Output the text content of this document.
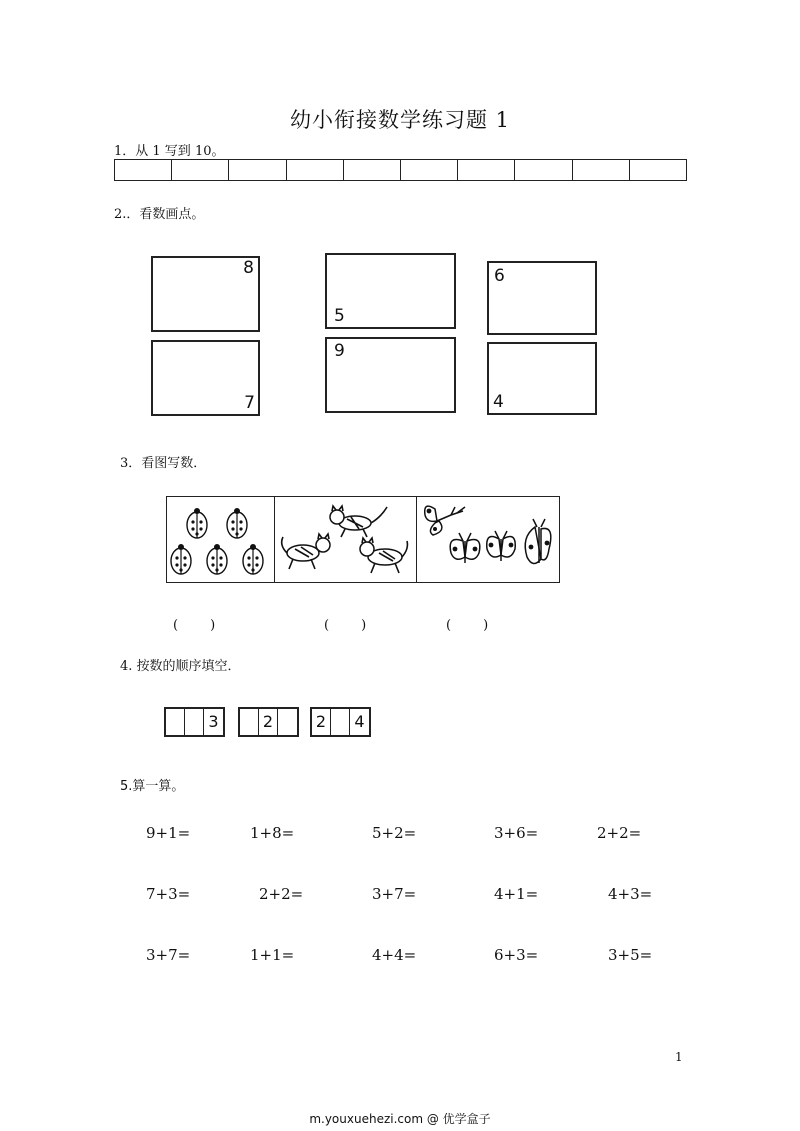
幼小衔接数学练习题 1
1．从 1 写到 10。
2.．看数画点。
8
5
6
7
9
4
3．看图写数．
(　　)	(　　)	(　　)
4. 按数的顺序填空．
3	2	2	4
5.算一算。
9+1=	1+8=	5+2=	3+6=	2+2=
7+3=	2+2=	3+7=	4+1=	4+3=
3+7=	1+1=	4+4=	6+3=	3+5=
1
m.youxuehezi.com @ 优学盒子
